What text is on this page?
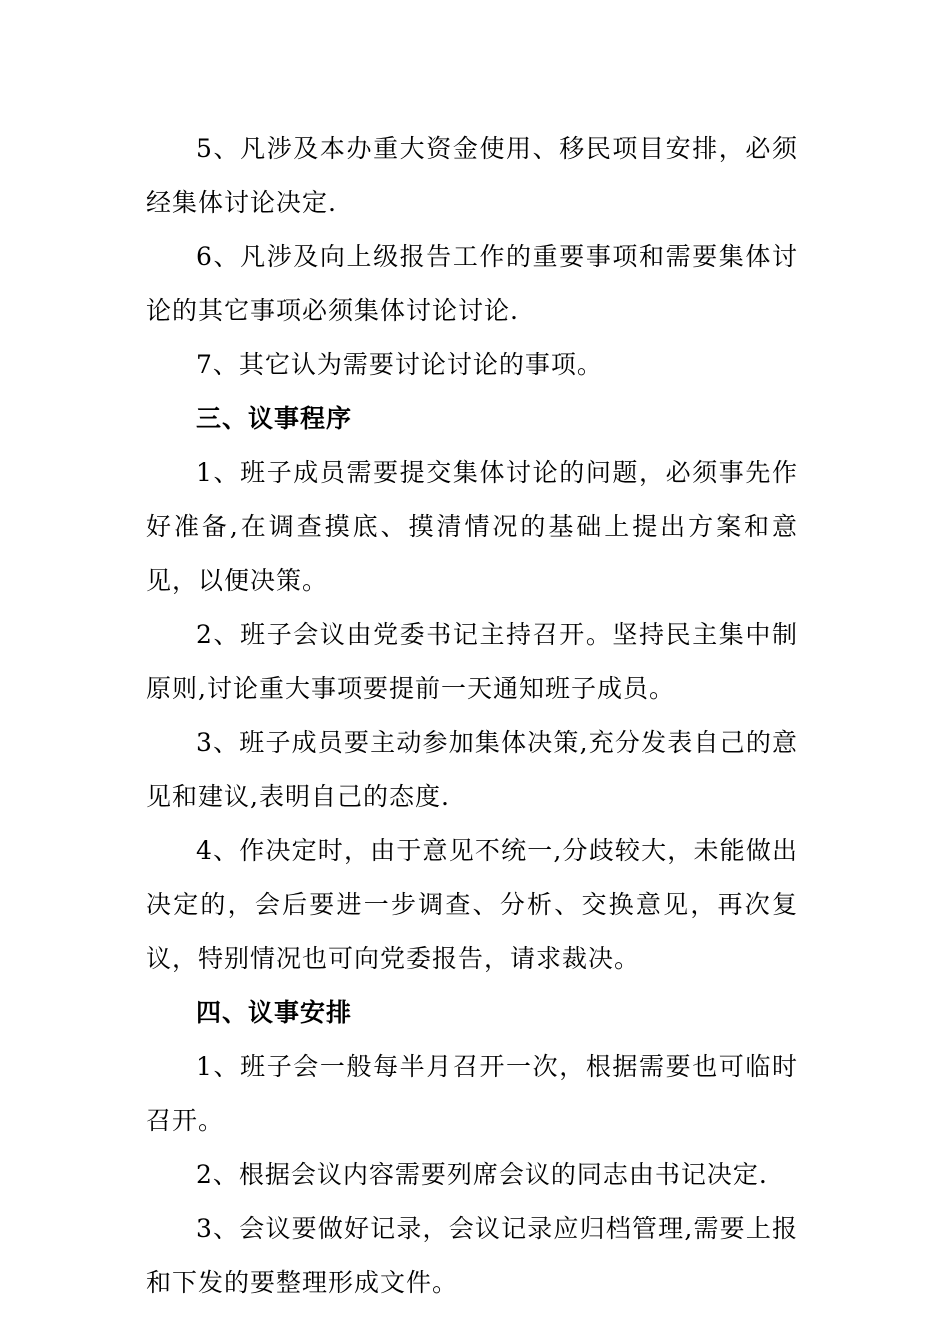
5、凡涉及本办重大资金使用、移民项目安排，必须经集体讨论决定.

6、凡涉及向上级报告工作的重要事项和需要集体讨论的其它事项必须集体讨论讨论.

7、其它认为需要讨论讨论的事项。

三、议事程序

1、班子成员需要提交集体讨论的问题，必须事先作好准备,在调查摸底、摸清情况的基础上提出方案和意见，以便决策。

2、班子会议由党委书记主持召开。坚持民主集中制原则,讨论重大事项要提前一天通知班子成员。

3、班子成员要主动参加集体决策,充分发表自己的意见和建议,表明自己的态度.

4、作决定时，由于意见不统一,分歧较大，未能做出决定的，会后要进一步调查、分析、交换意见，再次复议，特别情况也可向党委报告，请求裁决。

四、议事安排

1、班子会一般每半月召开一次，根据需要也可临时召开。

2、根据会议内容需要列席会议的同志由书记决定.

3、会议要做好记录，会议记录应归档管理,需要上报和下发的要整理形成文件。
